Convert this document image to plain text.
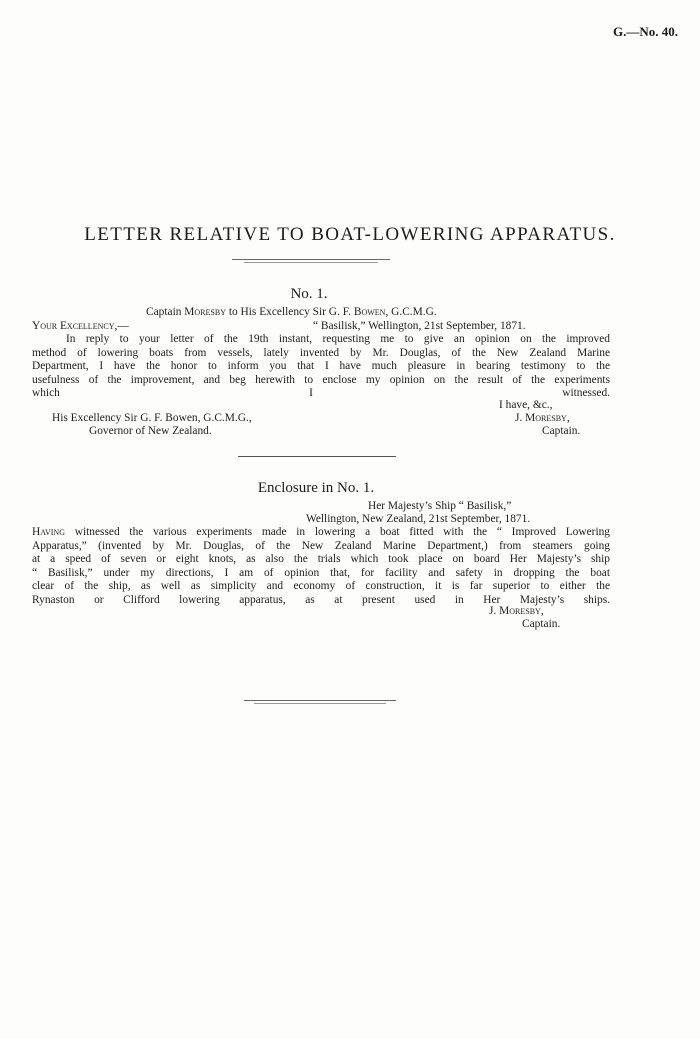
G.—No. 40.
LETTER RELATIVE TO BOAT-LOWERING APPARATUS.
No. 1.
Captain Moresby to His Excellency Sir G. F. Bowen, G.C.M.G.
Your Excellency,—	“ Basilisk,” Wellington, 21st September, 1871.
In reply to your letter of the 19th instant, requesting me to give an opinion on the improved
method of lowering boats from vessels, lately invented by Mr. Douglas, of the New Zealand Marine
Department, I have the honor to inform you that I have much pleasure in bearing testimony to the
usefulness of the improvement, and beg herewith to enclose my opinion on the result of the experiments
which I witnessed.
I have, &c.,
His Excellency Sir G. F. Bowen, G.C.M.G.,	J. Moresby,
Governor of New Zealand.	Captain.
Enclosure in No. 1.
Her Majesty’s Ship “ Basilisk,”
Wellington, New Zealand, 21st September, 1871.
Having witnessed the various experiments made in lowering a boat fitted with the “ Improved Lowering
Apparatus,” (invented by Mr. Douglas, of the New Zealand Marine Department,) from steamers going
at a speed of seven or eight knots, as also the trials which took place on board Her Majesty’s ship
“ Basilisk,” under my directions, I am of opinion that, for facility and safety in dropping the boat
clear of the ship, as well as simplicity and economy of construction, it is far superior to either the
Rynaston or Clifford lowering apparatus, as at present used in Her Majesty’s ships.
J. Moresby,
Captain.
